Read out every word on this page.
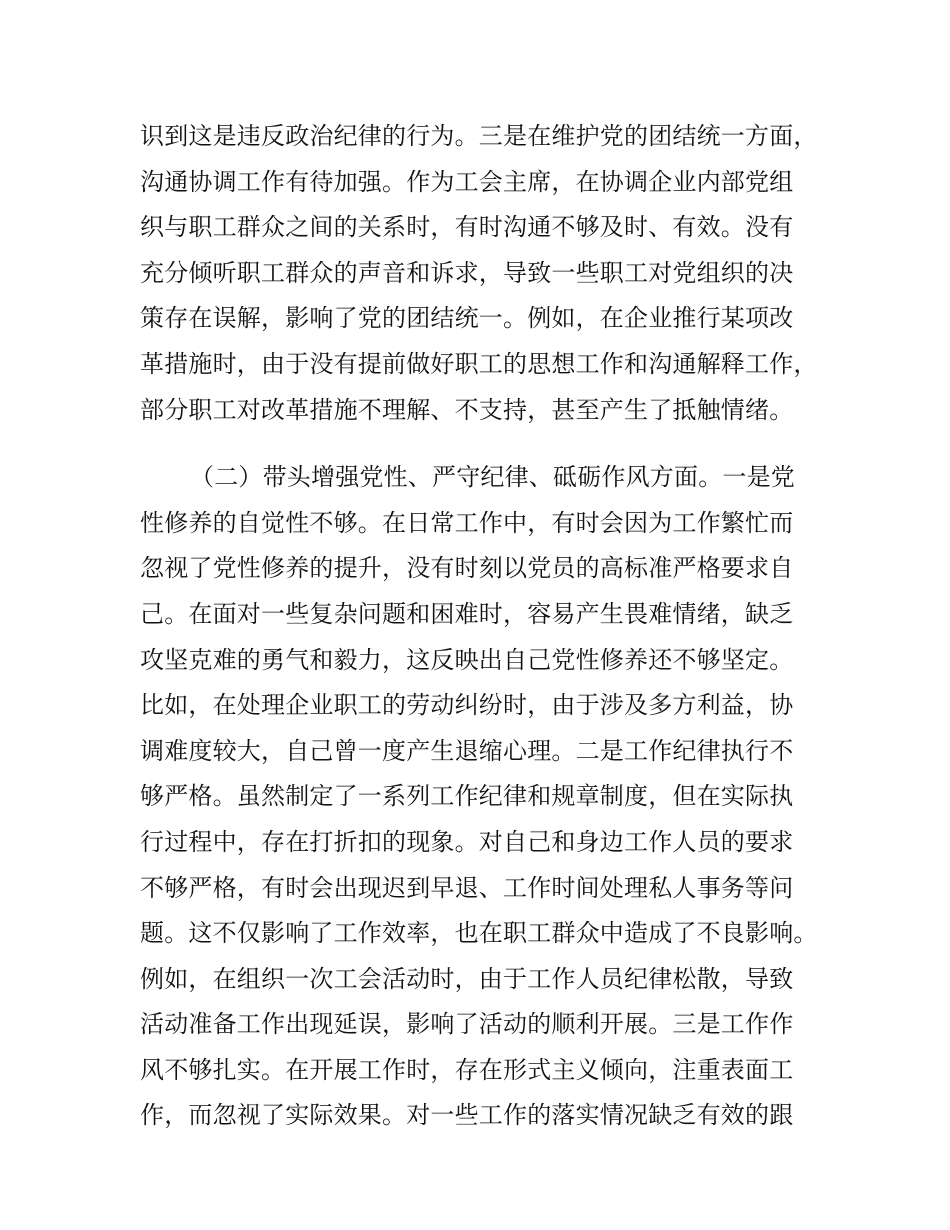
识到这是违反政治纪律的行为。三是在维护党的团结统一方面，
沟通协调工作有待加强。作为工会主席，在协调企业内部党组
织与职工群众之间的关系时，有时沟通不够及时、有效。没有
充分倾听职工群众的声音和诉求，导致一些职工对党组织的决
策存在误解，影响了党的团结统一。例如，在企业推行某项改
革措施时，由于没有提前做好职工的思想工作和沟通解释工作，
部分职工对改革措施不理解、不支持，甚至产生了抵触情绪。
（二）带头增强党性、严守纪律、砥砺作风方面。一是党
性修养的自觉性不够。在日常工作中，有时会因为工作繁忙而
忽视了党性修养的提升，没有时刻以党员的高标准严格要求自
己。在面对一些复杂问题和困难时，容易产生畏难情绪，缺乏
攻坚克难的勇气和毅力，这反映出自己党性修养还不够坚定。
比如，在处理企业职工的劳动纠纷时，由于涉及多方利益，协
调难度较大，自己曾一度产生退缩心理。二是工作纪律执行不
够严格。虽然制定了一系列工作纪律和规章制度，但在实际执
行过程中，存在打折扣的现象。对自己和身边工作人员的要求
不够严格，有时会出现迟到早退、工作时间处理私人事务等问
题。这不仅影响了工作效率，也在职工群众中造成了不良影响。
例如，在组织一次工会活动时，由于工作人员纪律松散，导致
活动准备工作出现延误，影响了活动的顺利开展。三是工作作
风不够扎实。在开展工作时，存在形式主义倾向，注重表面工
作，而忽视了实际效果。对一些工作的落实情况缺乏有效的跟
